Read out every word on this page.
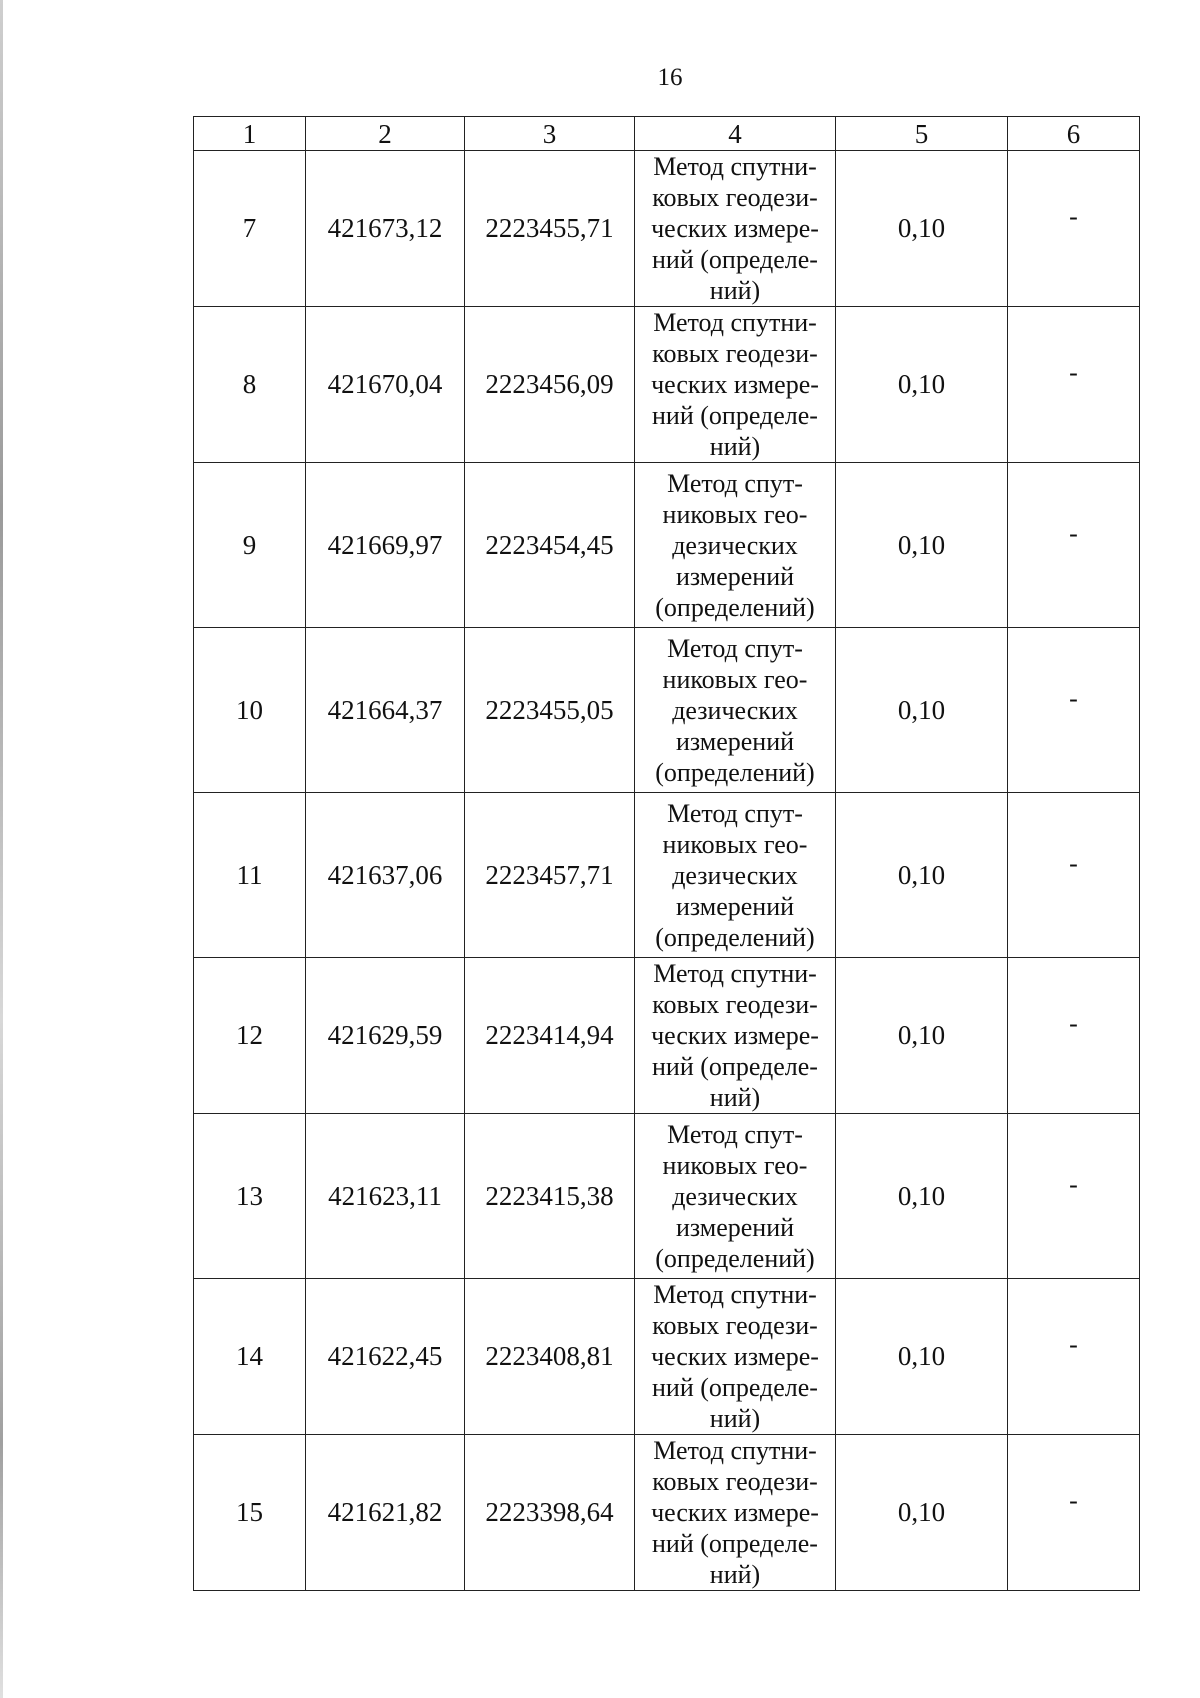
16
1	2	3	4	5	6
7	421673,12	2223455,71	Метод спутни-
ковых геодези-
ческих измере-
ний (определе-
ний)	0,10	-
8	421670,04	2223456,09	Метод спутни-
ковых геодези-
ческих измере-
ний (определе-
ний)	0,10	-
9	421669,97	2223454,45	Метод спут-
никовых гео-
дезических
измерений
(определений)	0,10	-
10	421664,37	2223455,05	Метод спут-
никовых гео-
дезических
измерений
(определений)	0,10	-
11	421637,06	2223457,71	Метод спут-
никовых гео-
дезических
измерений
(определений)	0,10	-
12	421629,59	2223414,94	Метод спутни-
ковых геодези-
ческих измере-
ний (определе-
ний)	0,10	-
13	421623,11	2223415,38	Метод спут-
никовых гео-
дезических
измерений
(определений)	0,10	-
14	421622,45	2223408,81	Метод спутни-
ковых геодези-
ческих измере-
ний (определе-
ний)	0,10	-
15	421621,82	2223398,64	Метод спутни-
ковых геодези-
ческих измере-
ний (определе-
ний)	0,10	-
